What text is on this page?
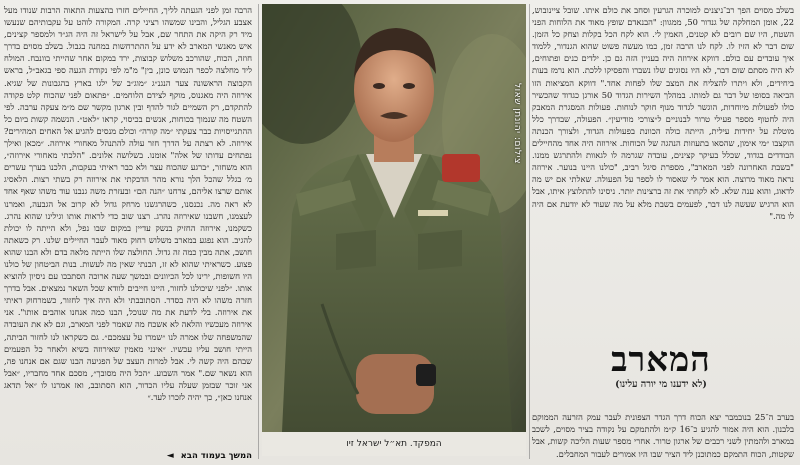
בשלב מסוים הפך רב־ניצנים למוכרה הגרעין וסחב את כולם איתו. שובל ציינובוש, 22, אומן המחלקה של גנדור 50, ממגוון: "הבנאדם שופץ מאוד את הלוחות הפני השטח, היו שם רובים לא קטנים, האמין לי. הוא לקח הכל בקלות וצחק כל הזמן. שום דבר לא הזיז לו. לקח לנו הרבה זמן, כמו מעשה פשוט שהוא הגנדור, ללמוד איך עובדים עם כולם. דווקא אירוזה היה בעניין הזה גם כן. ילדים כנים ופתוחים, לא היה מסתם שום דבר, לא היו נסוגים שלו נשברו והפסיקו ללכת. הוא נרמז בעות ביחידים, ולא ויתרו להצליח את המצב שלו לפחות אחד." דווקא המציאות הזו הביאה בסופו של דבר גם למותו. במהלך השירות הגדוד 50 אורגן כגדוד שהכשיר כולו לפעולות מיוחדות, הוגשר לגדוד מנוף חוקר לנוחות. פעולות המסגרת המאבק היה לחטוף מספר פעילי טרור לבנוניים ל״צורכי מודיעין״. הפעולה, שבדרך כלל מוטלת על יחידות עילית, הייתה כולה הכוונת בפעולות הגדוד, ולצורך הכנתה הוקצבו ״מי אימון, שהסאו בתעוזות הנהגה של הכוחות. אירוזה היה אחד מהחיילים הבודדים בגדוד, שכלל בעיקר קצינים, עובדה שגרמה לו לגאוות ולהתרגש ממנו. "בשבת האחרונה לפני המארב", מספרת סיגל רביב, "כולנו היינו בנוער. אירוזה נראה מאוד מרוצה. הוא אמר לי שאסור לו לספר על הפעולה. שאלתי אם יש מה לדאוג, והוא ענה שלא. לא לקחתי את זה ברצינות יותר. ניסינו להתלוצץ איתו, אבל הוא הרגיש שעשה לנו דבר, לפעמים בשבת מלא על מה שעוד לא יודעת אם היה לו מה."

צילום: יהונתן שאול
המפקד. תא״ל ישראל זיו

הרבה זמן לפני הגעתה לליך, החיילים חזרו בהצעות התאוה הרבות שנודו מעל אצבע הגליל, והבינו שמשהו רציני קרה. המקורה לוהט על עקבותיהם שנעשו מיד רק היקה את התחר שם, אבל על לישראל זה היה הג״ד ולמספר קצינים, איש מאנשי המארב לא ידע על ההתרחשות במחנה בגבול. בשלב מסוים בדרך חוזה, הכוח, שהורכב משלוש קבוצות, ירד במקום אחר שהייתי בוונבח. המולח ליד מחלצה לכפר הנמוש כונן, בין" מ"מ לפי נקודת הגעה ספי בגאב״ל, בראש הקבוצה הראשונה צעד הנגנ״ג ״מוג״ב של ילגו בארץ בהגבונות של שגיא. אירוזה היה מאגנוס, מוקף לצידם הלוחמים. ״פתאום לפני שהכוח קלט פקודה להתקדם, רק השמיים לגור להדף ובין ארגון מקשר שם מ״מ צעקה ערבה. לפי השטח מה שנמוך בכוחות, אנשים בכיסוי, קראו ״לאט״. הנשמה קשות ביום כל ההתגייסויות כבר צעקתי ״מה קורה״ וכולם מנסים להגיע אל האחים המהירים? אירוזה. לא רצתה על הדרך חזר עולה להתנהל מאחורי אירוזה. ״מכאן ואילך נפתחים עדותו של אלה" אומנו. בשלושה אלונים. "הלכתי מאחורי אירוזה״, הוא משחזר, ״ברגע שהכוח עצר ולא כבר ראיתי בעקבות, הלכנו בערך עשרים מ׳ בגלל שהכל הלך נורא מהר הדבקתי את אירוזה רק בשתי רצות. הלאסיג אותם שרצו אליהם, צרחנו ״הנה הם״ ובעזרת משה גנבנו עוד משהו שאף אחד לא ראה מה. נכנסנו, כשהרגשנו מרחק גדול לא קרוב אל הגבעה, ואמרנו לעצמנו, חשבנו שאירוזה נהרג. רצנו שוב כדי לראות אותו וגילינו שהוא נהרג. כשקמנו, אירוזה החזיק בנשק עדיין במקום שבו נפל, ולא הייתה לו יכולת להגיב. הוא נפגע במארב משלוש רחוק מאוד לעבר החיילים שלנו. רק כשאתה חושב, אתה מבין כמה זה גדול. החולצה שלו הייתה מלאה בדם ולא הבנו שהוא פצוע. כשראיתי שהוא לא זז, הבנתי שאין מה לעשות. בנות הביטחון של כולנו היו חשופות, ירינו לכל הכיוונים ובמשך שעה ארוכה הסתבכו עם ניסיון להוציא אותו. ״לפני שיכולנו לחזור, היינו חייבים לוודא שכל השאר נמצאים. אבל בדרך חזרה משהו לא היה בסדר. הסתובבתי ולא היה איך לחזור, כשמרחוק ראיתי את אירוזה. בלי לדעת את מה שנוכל, הבנו כמה אנחנו אוהבים אותו". אני אירוזה מעכשיו והלאה לא אשכח מה שאמר לפני המארב, וגם לא את העובדה שהמשפחה שלו אמרה לנו ״שמרו על עצמכם״. גם כשקראו לנו לחזור הביתה, הייתי חושב עליו עכשיו. ״אינני מאמין שאירוזה בשיא ולאחר כל הפעמים שבהם היה קשה לי. אבל למרות העצב של הפגיעה הבנו שגם אם אנחנו פה, הוא נשאר שם." אמר השבוע. ״הכל היה מסובך״, מסכם אחד מחבריו, ״אבל אני זוכר שבזמן שעלה עליו הכדור, הוא הסתובב, ואז אמרנו לו ״אל תדאג אנחנו כאן״, כך יהיה לזכרו לעד.״

המארב
(לא ידענו מי יורה עלינו)

בערב ה־25 בנובמבר יצא הכוח דרך הגדר הצפונית לעבר עמק הזרעה הממוקם בלבנון. הוא היה אמור להגיע כ־16 ק״מ ולהתמקם על נקודה בציר מסוים, לשכב במארב ולהמתין לשני רכבים של ארגון טרור. אחרי מספר שעות הליכה קשות, אבל שקטות, הכוח התמקם כמתוכנן ליד הציר שבו היו אמורים לעבור המחבלים.

המשך בעמוד הבא ◄
